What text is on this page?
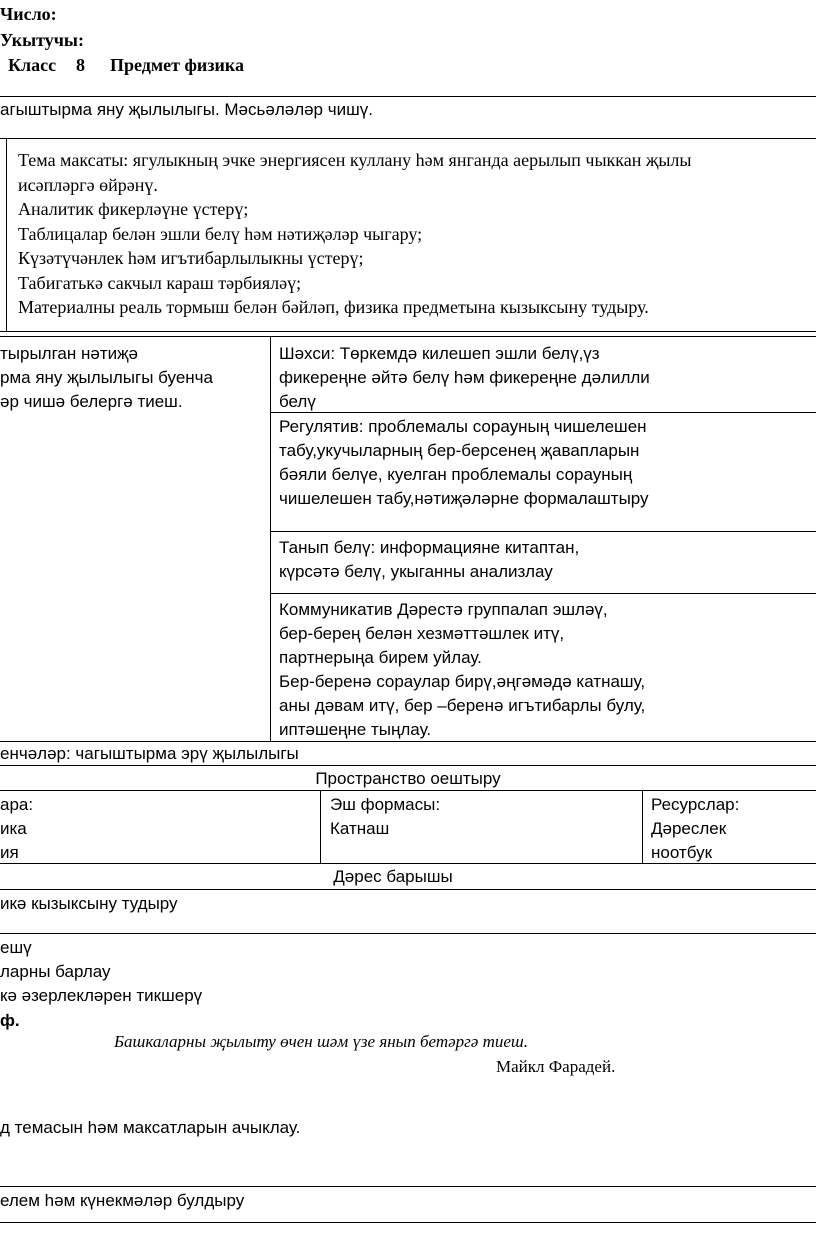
Число:
Укытучы:
Класс 8 Предмет физика
агыштырма яну җылылыгы. Мәсьәләләр чишү.
Тема максаты: ягулыкның эчке энергиясен куллану һәм янганда аерылып чыккан җылы
исәпләргә өйрәнү.
Аналитик фикерләүне үстерү;
Таблицалар белән эшли белү һәм нәтиҗәләр чыгару;
Күзәтүчәнлек һәм игътибарлылыкны үстерү;
Табигатькә сакчыл караш тәрбияләү;
Материалны реаль тормыш белән бәйләп, физика предметына кызыксыну тудыру.
тырылган нәтиҗә
рма яну җылылыгы буенча
әр чишә белергә тиеш.
Шәхси: Төркемдә килешеп эшли белү,үз
фикереңне әйтә белү һәм фикереңне дәлилли
белү
Регулятив: проблемалы сорауның чишелешен
табу,укучыларның бер-берсенең җавапларын
бәяли белүе, куелган проблемалы сорауның
чишелешен табу,нәтиҗәләрне формалаштыру
Танып белү: информацияне китаптан,
күрсәтә белү, укыганны анализлау
Коммуникатив Дәрестә группалап эшләү,
бер-берең белән хезмәттәшлек итү,
партнерыңа бирем уйлау.
Бер-беренә сораулар бирү,әңгәмәдә катнашу,
аны дәвам итү, бер –беренә игътибарлы булу,
иптәшеңне тыңлау.
енчәләр: чагыштырма эрү җылылыгы
Пространство оештыру
ара:
ика
ия
Эш формасы:
Катнаш
Ресурслар:
Дәреслек
ноотбук
Дәрес барышы
икә кызыксыну тудыру
ешү
ларны барлау
кә әзерлекләрен тикшерү
ф.
Башкаларны җылыту өчен шәм үзе янып бетәргә тиеш.
Майкл Фарадей.
д темасын һәм максатларын ачыклау.
елем һәм күнекмәләр булдыру
